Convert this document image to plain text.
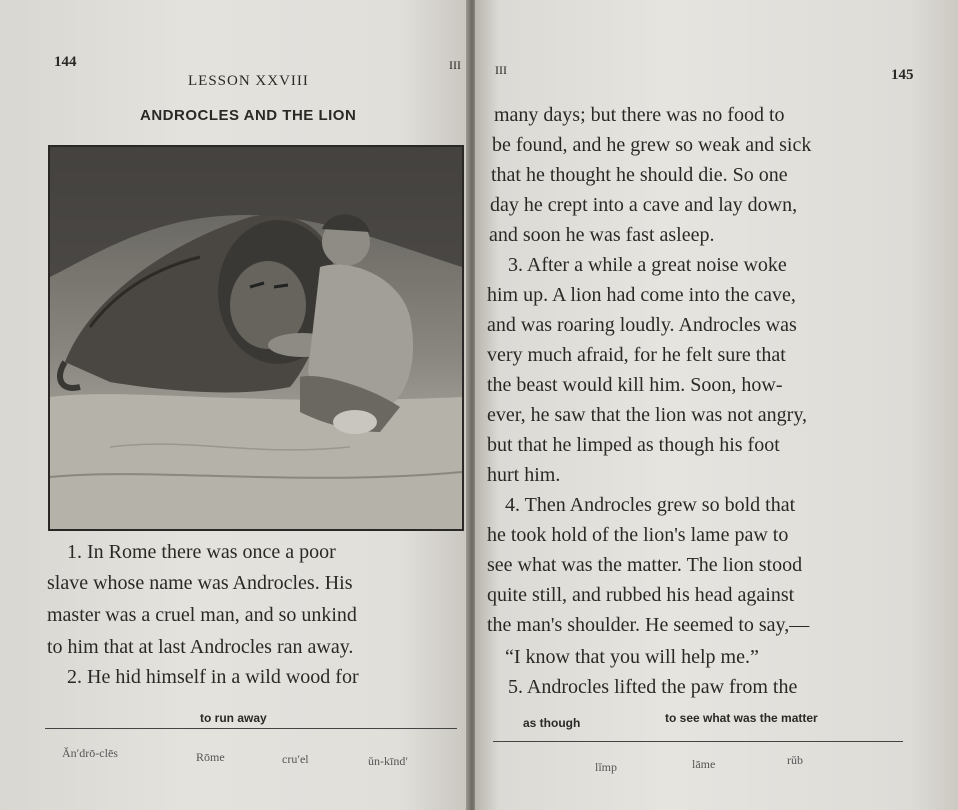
144	III
LESSON XXVIII
ANDROCLES AND THE LION
1. In Rome there was once a poor
slave whose name was Androcles. His
master was a cruel man, and so unkind
to him that at last Androcles ran away.
2. He hid himself in a wild wood for
to run away
Ăn′drō-clēs	Rōme	cru′el	ŭn-kīnd′
III	145
many days; but there was no food to
be found, and he grew so weak and sick
that he thought he should die. So one
day he crept into a cave and lay down,
and soon he was fast asleep.
3. After a while a great noise woke
him up. A lion had come into the cave,
and was roaring loudly. Androcles was
very much afraid, for he felt sure that
the beast would kill him. Soon, how-
ever, he saw that the lion was not angry,
but that he limped as though his foot
hurt him.
4. Then Androcles grew so bold that
he took hold of the lion's lame paw to
see what was the matter. The lion stood
quite still, and rubbed his head against
the man's shoulder. He seemed to say,—
“I know that you will help me.”
5. Androcles lifted the paw from the
as though	to see what was the matter
lĭmp	lāme	rŭb
